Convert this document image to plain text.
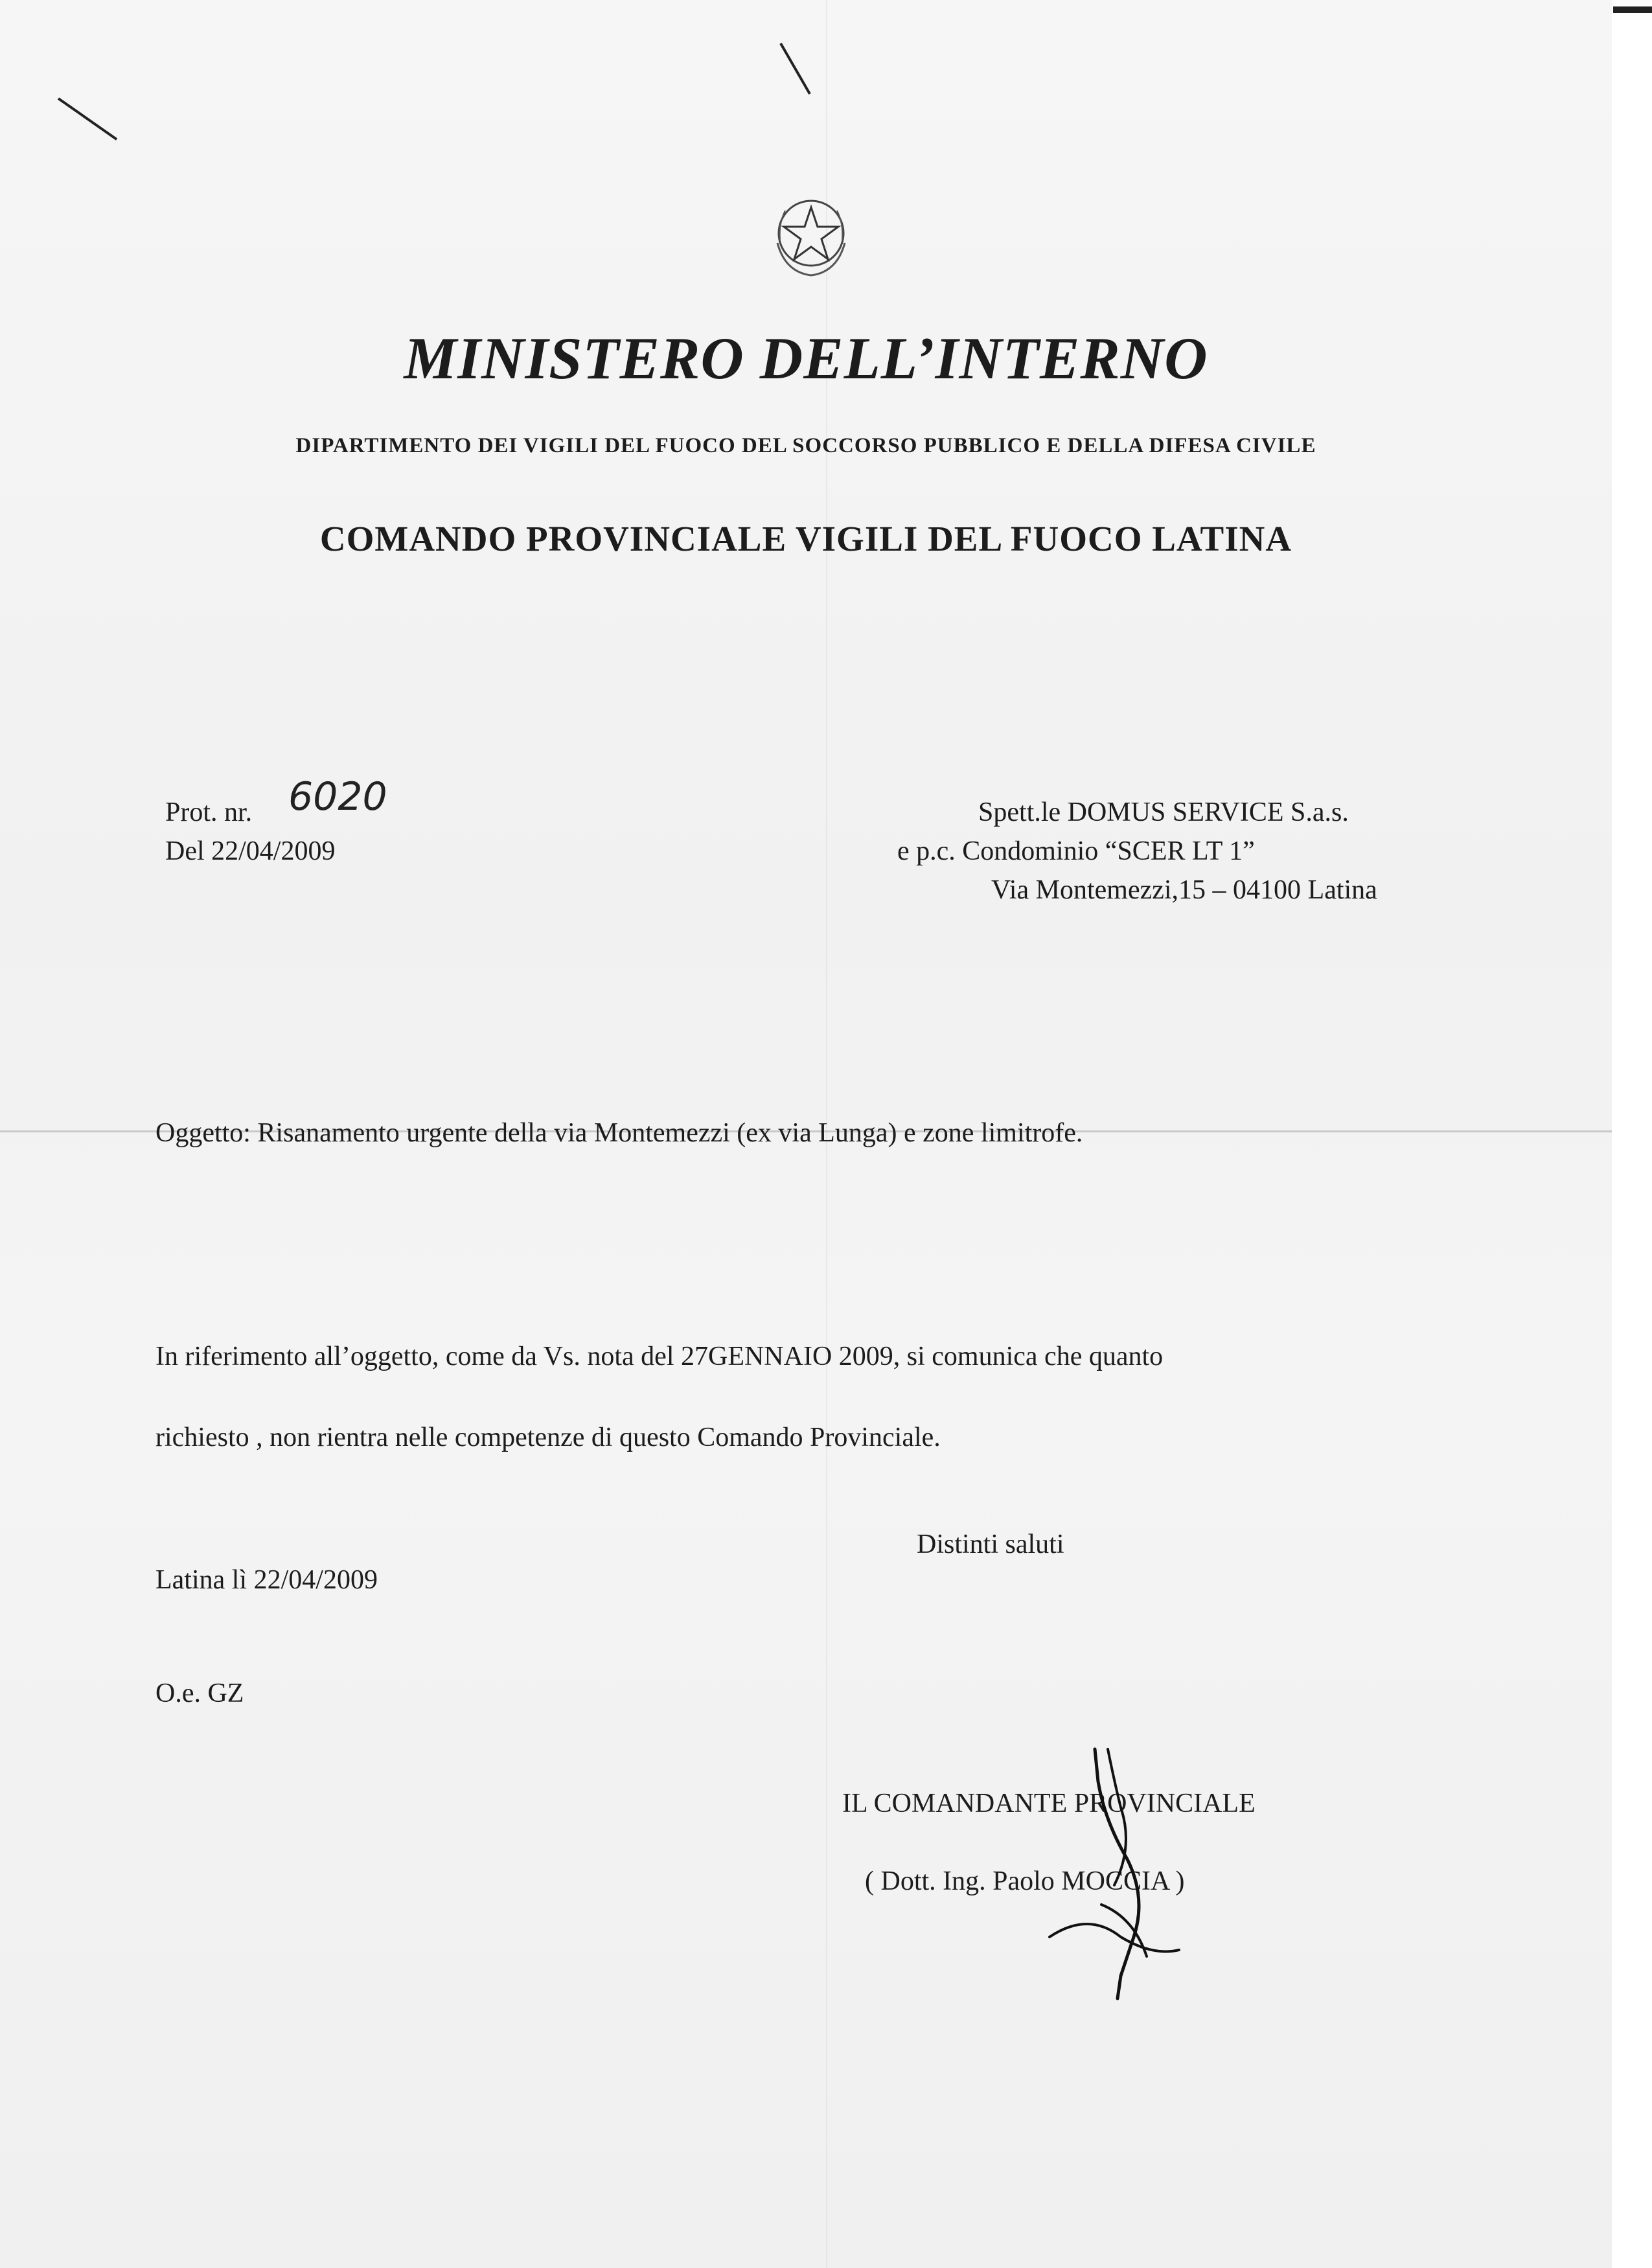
MINISTERO DELL’INTERNO
DIPARTIMENTO DEI VIGILI DEL FUOCO DEL SOCCORSO PUBBLICO E DELLA DIFESA CIVILE
COMANDO PROVINCIALE VIGILI DEL FUOCO LATINA
Prot. nr. 6020
Del 22/04/2009
Spett.le DOMUS SERVICE S.a.s.
e p.c. Condominio “SCER LT 1”
Via Montemezzi,15 – 04100 Latina
Oggetto: Risanamento urgente della via Montemezzi (ex via Lunga) e zone limitrofe.
In riferimento all’oggetto, come da Vs. nota del 27GENNAIO 2009, si comunica che quanto
richiesto , non rientra nelle competenze di questo Comando Provinciale.
Distinti saluti
Latina lì 22/04/2009
O.e. GZ
IL COMANDANTE PROVINCIALE
( Dott. Ing. Paolo MOCCIA )
